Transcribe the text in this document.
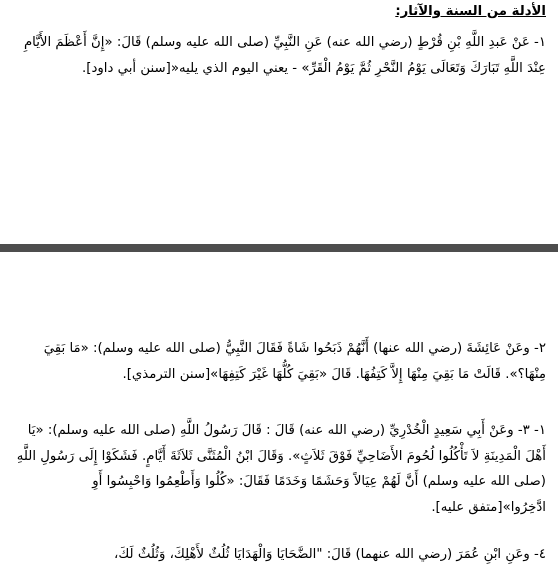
الأدلة من السنة والآثار:
١- عَنْ عَبدِ اللَّهِ بْنِ قُرْطٍ (رضي الله عنه) عَنِ النَّبِيِّ (صلى الله عليه وسلم) قَالَ: «إِنَّ أَعْظَمَ الأَيَّامِ عِنْدَ اللَّهِ تَبَارَكَ وَتَعَالَى يَوْمُ النَّحْرِ ثُمَّ يَوْمُ الْقَرِّ» - يعني اليوم الذي يليه«[سنن أبي داود].
٢- وعَنْ عَائِشَةَ (رضي الله عنها) أَنَّهُمْ ذَبَحُوا شَاةً فَقَالَ النَّبِيُّ (صلى الله عليه وسلم): «مَا بَقِيَ مِنْهَا؟». قَالَتْ مَا بَقِيَ مِنْهَا إِلاَّ كَتِفُهَا. قَالَ «بَقِيَ كُلُّهَا غَيْرَ كَتِفِهَا»[سنن الترمذي].
١- ٣- وعَنْ أَبِي سَعِيدٍ الْخُدْرِيِّ (رضي الله عنه) قَالَ : قَالَ رَسُولُ اللَّهِ (صلى الله عليه وسلم): «يَا أَهْلَ الْمَدِينَةِ لاَ تَأْكُلُوا لُحُومَ الأَضَاحِيِّ فَوْقَ ثَلاَثٍ». وَقَالَ ابْنُ الْمُثَنَّى ثَلاَثَةَ أَيَّامٍ. فَشَكَوْا إِلَى رَسُولِ اللَّهِ (صلى الله عليه وسلم) أَنَّ لَهُمْ عِيَالاً وَحَشَمًا وَخَدَمًا فَقَالَ: «كُلُوا وَأَطْعِمُوا وَاحْبِسُوا أَوِ ادَّخِرُوا»[متفق عليه].
٤- وعَنِ ابْنِ عُمَرَ (رضي الله عنهما) قَالَ: "الضَّحَايَا وَالْهَدَايَا ثُلُثٌ لأَهْلِكَ، وَثُلُثٌ لَكَ،
